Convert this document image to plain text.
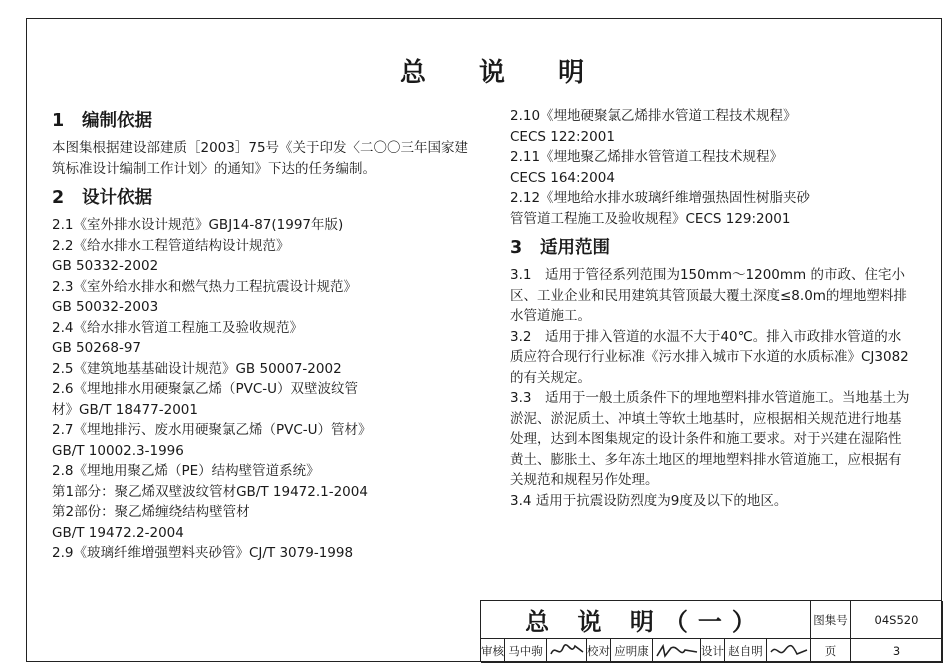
总 说 明
1 编制依据

本图集根据建设部建质［2003］75号《关于印发〈二〇〇三年国家建筑标准设计编制工作计划〉的通知》下达的任务编制。

2 设计依据
2.1《室外排水设计规范》GBJ14-87(1997年版)
2.2《给水排水工程管道结构设计规范》
GB 50332-2002
2.3《室外给水排水和燃气热力工程抗震设计规范》
GB 50032-2003
2.4《给水排水管道工程施工及验收规范》
GB 50268-97
2.5《建筑地基基础设计规范》GB 50007-2002
2.6《埋地排水用硬聚氯乙烯（PVC-U）双壁波纹管
材》GB/T 18477-2001
2.7《埋地排污、废水用硬聚氯乙烯（PVC-U）管材》
GB/T 10002.3-1996
2.8《埋地用聚乙烯（PE）结构壁管道系统》
第1部分：聚乙烯双壁波纹管材GB/T 19472.1-2004
第2部份：聚乙烯缠绕结构壁管材
GB/T 19472.2-2004
2.9《玻璃纤维增强塑料夹砂管》CJ/T 3079-1998
2.10《埋地硬聚氯乙烯排水管道工程技术规程》
CECS 122:2001
2.11《埋地聚乙烯排水管管道工程技术规程》
CECS 164:2004
2.12《埋地给水排水玻璃纤维增强热固性树脂夹砂
管管道工程施工及验收规程》CECS 129:2001
3 适用范围

3.1　适用于管径系列范围为150mm～1200mm 的市政、住宅小区、工业企业和民用建筑其管顶最大覆土深度≤8.0m的埋地塑料排水管道施工。

3.2　适用于排入管道的水温不大于40℃。排入市政排水管道的水质应符合现行行业标准《污水排入城市下水道的水质标准》CJ3082的有关规定。

3.3　适用于一般土质条件下的埋地塑料排水管道施工。当地基土为淤泥、淤泥质土、冲填土等软土地基时，应根据相关规范进行地基处理，达到本图集规定的设计条件和施工要求。对于兴建在湿陷性黄土、膨胀土、多年冻土地区的埋地塑料排水管道施工，应根据有关规范和规程另作处理。

3.4 适用于抗震设防烈度为9度及以下的地区。

总 说 明（一）	图集号	04S520
审核 马中驹	校对 应明康	设计 赵自明	页	3
